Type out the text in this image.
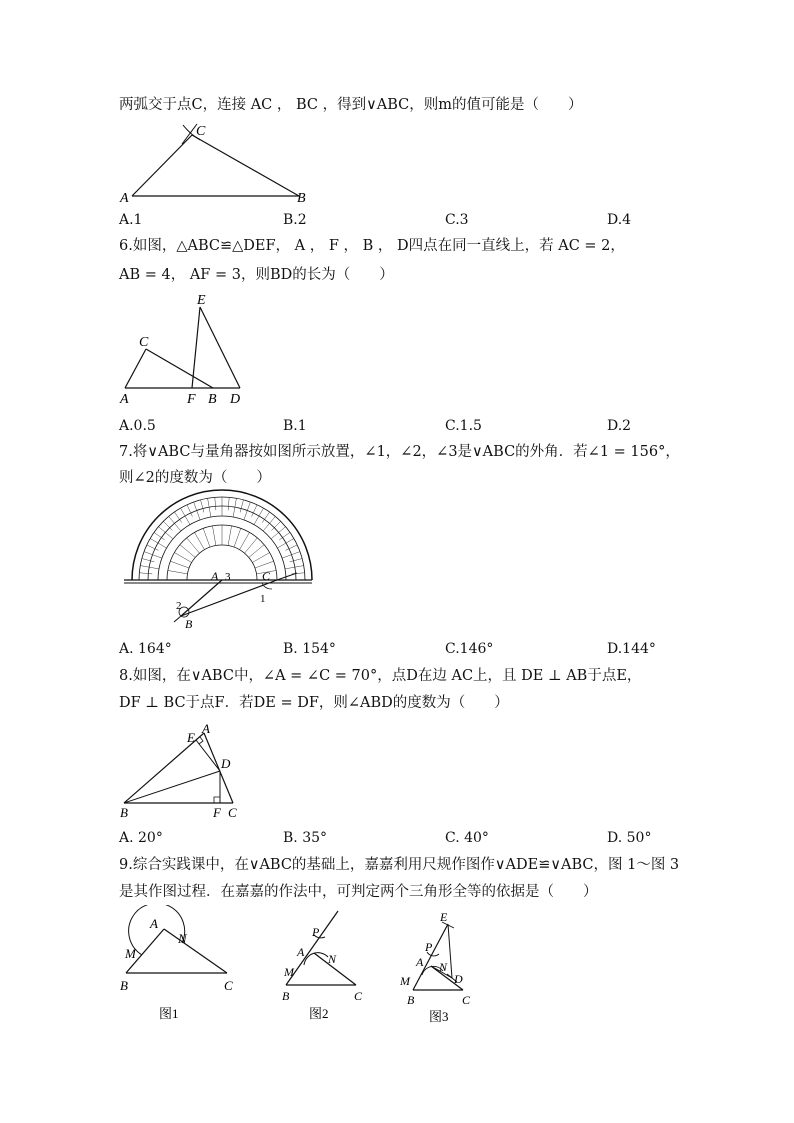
两弧交于点C，连接 AC ， BC ，得到∨ABC，则m的值可能是（　　）
A	B
C
A.1	B.2	C.3	D.4
6.如图，△ABC≌△DEF， A ， F ， B ， D四点在同一直线上，若 AC = 2，
AB = 4， AF = 3，则BD的长为（　　）
E
C
A	F B D
A.0.5	B.1	C.1.5	D.2
7.将∨ABC与量角器按如图所示放置，∠1，∠2，∠3是∨ABC的外角．若∠1 = 156°，
则∠2的度数为（　　）
A 3	C
1
2
B
A. 164°	B. 154°	C.146°	D.144°
8.如图，在∨ABC中，∠A = ∠C = 70°，点D在边 AC上，且 DE ⊥ AB于点E，
DF ⊥ BC于点F．若DE = DF，则∠ABD的度数为（　　）
A
E
D
B	F C
A. 20°	B. 35°	C. 40°	D. 50°
9.综合实践课中，在∨ABC的基础上，嘉嘉利用尺规作图作∨ADE≌∨ABC，图 1～图 3
是其作图过程．在嘉嘉的作法中，可判定两个三角形全等的依据是（　　）
A
M
N
B	C
图1
P
A
M
N
B	C
图2
E
P
A N
M	D
B	C
图3
